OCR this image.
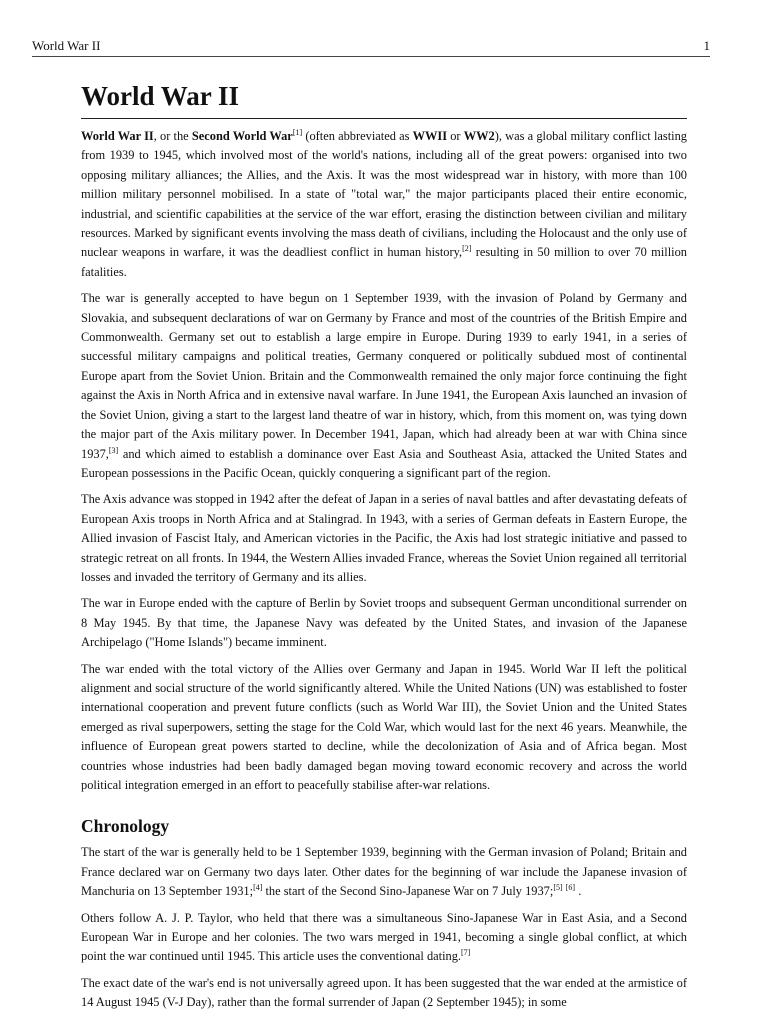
World War II	1
World War II

World War II, or the Second World War[1] (often abbreviated as WWII or WW2), was a global military conflict lasting from 1939 to 1945, which involved most of the world's nations, including all of the great powers: organised into two opposing military alliances; the Allies, and the Axis. It was the most widespread war in history, with more than 100 million military personnel mobilised. In a state of "total war," the major participants placed their entire economic, industrial, and scientific capabilities at the service of the war effort, erasing the distinction between civilian and military resources. Marked by significant events involving the mass death of civilians, including the Holocaust and the only use of nuclear weapons in warfare, it was the deadliest conflict in human history,[2] resulting in 50 million to over 70 million fatalities.

The war is generally accepted to have begun on 1 September 1939, with the invasion of Poland by Germany and Slovakia, and subsequent declarations of war on Germany by France and most of the countries of the British Empire and Commonwealth. Germany set out to establish a large empire in Europe. During 1939 to early 1941, in a series of successful military campaigns and political treaties, Germany conquered or politically subdued most of continental Europe apart from the Soviet Union. Britain and the Commonwealth remained the only major force continuing the fight against the Axis in North Africa and in extensive naval warfare. In June 1941, the European Axis launched an invasion of the Soviet Union, giving a start to the largest land theatre of war in history, which, from this moment on, was tying down the major part of the Axis military power. In December 1941, Japan, which had already been at war with China since 1937,[3] and which aimed to establish a dominance over East Asia and Southeast Asia, attacked the United States and European possessions in the Pacific Ocean, quickly conquering a significant part of the region.

The Axis advance was stopped in 1942 after the defeat of Japan in a series of naval battles and after devastating defeats of European Axis troops in North Africa and at Stalingrad. In 1943, with a series of German defeats in Eastern Europe, the Allied invasion of Fascist Italy, and American victories in the Pacific, the Axis had lost strategic initiative and passed to strategic retreat on all fronts. In 1944, the Western Allies invaded France, whereas the Soviet Union regained all territorial losses and invaded the territory of Germany and its allies.

The war in Europe ended with the capture of Berlin by Soviet troops and subsequent German unconditional surrender on 8 May 1945. By that time, the Japanese Navy was defeated by the United States, and invasion of the Japanese Archipelago ("Home Islands") became imminent.

The war ended with the total victory of the Allies over Germany and Japan in 1945. World War II left the political alignment and social structure of the world significantly altered. While the United Nations (UN) was established to foster international cooperation and prevent future conflicts (such as World War III), the Soviet Union and the United States emerged as rival superpowers, setting the stage for the Cold War, which would last for the next 46 years. Meanwhile, the influence of European great powers started to decline, while the decolonization of Asia and of Africa began. Most countries whose industries had been badly damaged began moving toward economic recovery and across the world political integration emerged in an effort to peacefully stabilise after-war relations.

Chronology

The start of the war is generally held to be 1 September 1939, beginning with the German invasion of Poland; Britain and France declared war on Germany two days later. Other dates for the beginning of war include the Japanese invasion of Manchuria on 13 September 1931;[4] the start of the Second Sino-Japanese War on 7 July 1937;[5] [6] .

Others follow A. J. P. Taylor, who held that there was a simultaneous Sino-Japanese War in East Asia, and a Second European War in Europe and her colonies. The two wars merged in 1941, becoming a single global conflict, at which point the war continued until 1945. This article uses the conventional dating.[7]

The exact date of the war's end is not universally agreed upon. It has been suggested that the war ended at the armistice of 14 August 1945 (V-J Day), rather than the formal surrender of Japan (2 September 1945); in some
